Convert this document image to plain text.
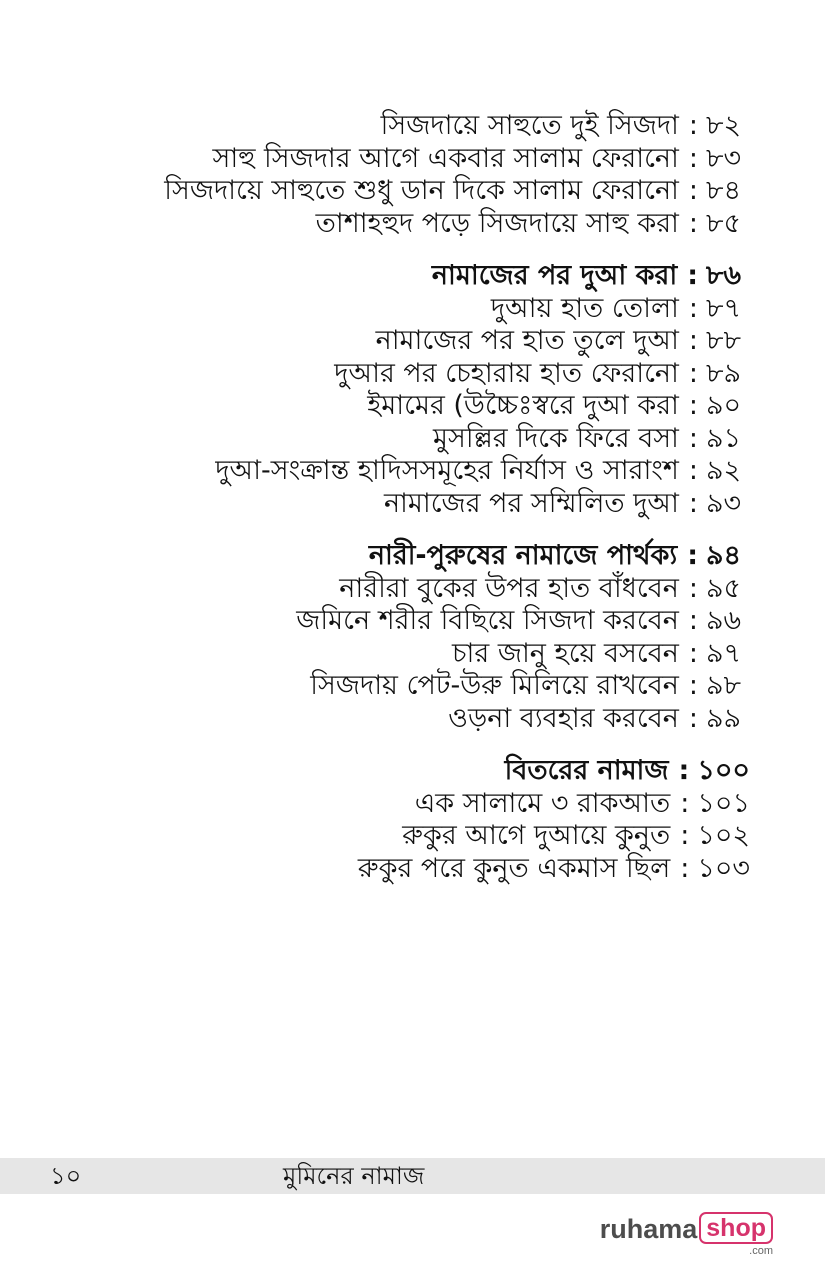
সিজদায়ে সাহুতে দুই সিজদা : ৮২
সাহু সিজদার আগে একবার সালাম ফেরানো : ৮৩
সিজদায়ে সাহুতে শুধু ডান দিকে সালাম ফেরানো : ৮৪
তাশাহহুদ পড়ে সিজদায়ে সাহু করা : ৮৫
নামাজের পর দুআ করা : ৮৬
দুআয় হাত তোলা : ৮৭
নামাজের পর হাত তুলে দুআ : ৮৮
দুআর পর চেহারায় হাত ফেরানো : ৮৯
ইমামের (উচ্চৈঃস্বরে দুআ করা : ৯০
মুসল্লির দিকে ফিরে বসা : ৯১
দুআ-সংক্রান্ত হাদিসসমূহের নির্যাস ও সারাংশ : ৯২
নামাজের পর সম্মিলিত দুআ : ৯৩
নারী-পুরুষের নামাজে পার্থক্য : ৯৪
নারীরা বুকের উপর হাত বাঁধবেন : ৯৫
জমিনে শরীর বিছিয়ে সিজদা করবেন : ৯৬
চার জানু হয়ে বসবেন : ৯৭
সিজদায় পেট-উরু মিলিয়ে রাখবেন : ৯৮
ওড়না ব্যবহার করবেন : ৯৯
বিতরের নামাজ : ১০০
এক সালামে ৩ রাকআত : ১০১
রুকুর আগে দুআয়ে কুনুত : ১০২
রুকুর পরে কুনুত একমাস ছিল : ১০৩
১০	মুমিনের নামাজ
ruhama shop
.com
